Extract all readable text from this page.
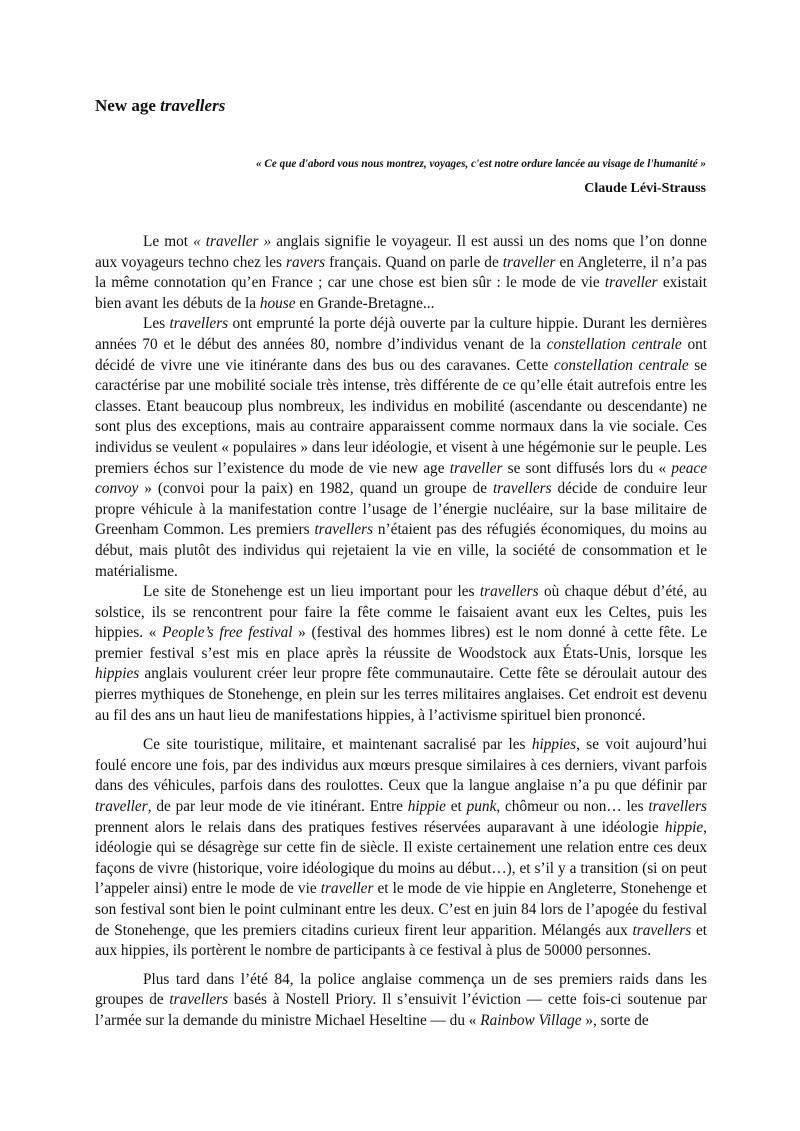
New age travellers

« Ce que d'abord vous nous montrez, voyages, c'est notre ordure lancée au visage de l'humanité »

Claude Lévi-Strauss

Le mot « traveller » anglais signifie le voyageur. Il est aussi un des noms que l’on donne aux voyageurs techno chez les ravers français. Quand on parle de traveller en Angleterre, il n’a pas la même connotation qu’en France ; car une chose est bien sûr : le mode de vie traveller existait bien avant les débuts de la house en Grande-Bretagne...

Les travellers ont emprunté la porte déjà ouverte par la culture hippie. Durant les dernières années 70 et le début des années 80, nombre d’individus venant de la constellation centrale ont décidé de vivre une vie itinérante dans des bus ou des caravanes. Cette constellation centrale se caractérise par une mobilité sociale très intense, très différente de ce qu’elle était autrefois entre les classes. Etant beaucoup plus nombreux, les individus en mobilité (ascendante ou descendante) ne sont plus des exceptions, mais au contraire apparaissent comme normaux dans la vie sociale. Ces individus se veulent « populaires » dans leur idéologie, et visent à une hégémonie sur le peuple. Les premiers échos sur l’existence du mode de vie new age traveller se sont diffusés lors du « peace convoy » (convoi pour la paix) en 1982, quand un groupe de travellers décide de conduire leur propre véhicule à la manifestation contre l’usage de l’énergie nucléaire, sur la base militaire de Greenham Common. Les premiers travellers n’étaient pas des réfugiés économiques, du moins au début, mais plutôt des individus qui rejetaient la vie en ville, la société de consommation et le matérialisme.

Le site de Stonehenge est un lieu important pour les travellers où chaque début d’été, au solstice, ils se rencontrent pour faire la fête comme le faisaient avant eux les Celtes, puis les hippies. « People’s free festival » (festival des hommes libres) est le nom donné à cette fête. Le premier festival s’est mis en place après la réussite de Woodstock aux États-Unis, lorsque les hippies anglais voulurent créer leur propre fête communautaire. Cette fête se déroulait autour des pierres mythiques de Stonehenge, en plein sur les terres militaires anglaises. Cet endroit est devenu au fil des ans un haut lieu de manifestations hippies, à l’activisme spirituel bien prononcé.

Ce site touristique, militaire, et maintenant sacralisé par les hippies, se voit aujourd’hui foulé encore une fois, par des individus aux mœurs presque similaires à ces derniers, vivant parfois dans des véhicules, parfois dans des roulottes. Ceux que la langue anglaise n’a pu que définir par traveller, de par leur mode de vie itinérant. Entre hippie et punk, chômeur ou non… les travellers prennent alors le relais dans des pratiques festives réservées auparavant à une idéologie hippie, idéologie qui se désagrège sur cette fin de siècle. Il existe certainement une relation entre ces deux façons de vivre (historique, voire idéologique du moins au début…), et s’il y a transition (si on peut l’appeler ainsi) entre le mode de vie traveller et le mode de vie hippie en Angleterre, Stonehenge et son festival sont bien le point culminant entre les deux. C’est en juin 84 lors de l’apogée du festival de Stonehenge, que les premiers citadins curieux firent leur apparition. Mélangés aux travellers et aux hippies, ils portèrent le nombre de participants à ce festival à plus de 50000 personnes.

Plus tard dans l’été 84, la police anglaise commença un de ses premiers raids dans les groupes de travellers basés à Nostell Priory. Il s’ensuivit l’éviction — cette fois-ci soutenue par l’armée sur la demande du ministre Michael Heseltine — du « Rainbow Village », sorte de
